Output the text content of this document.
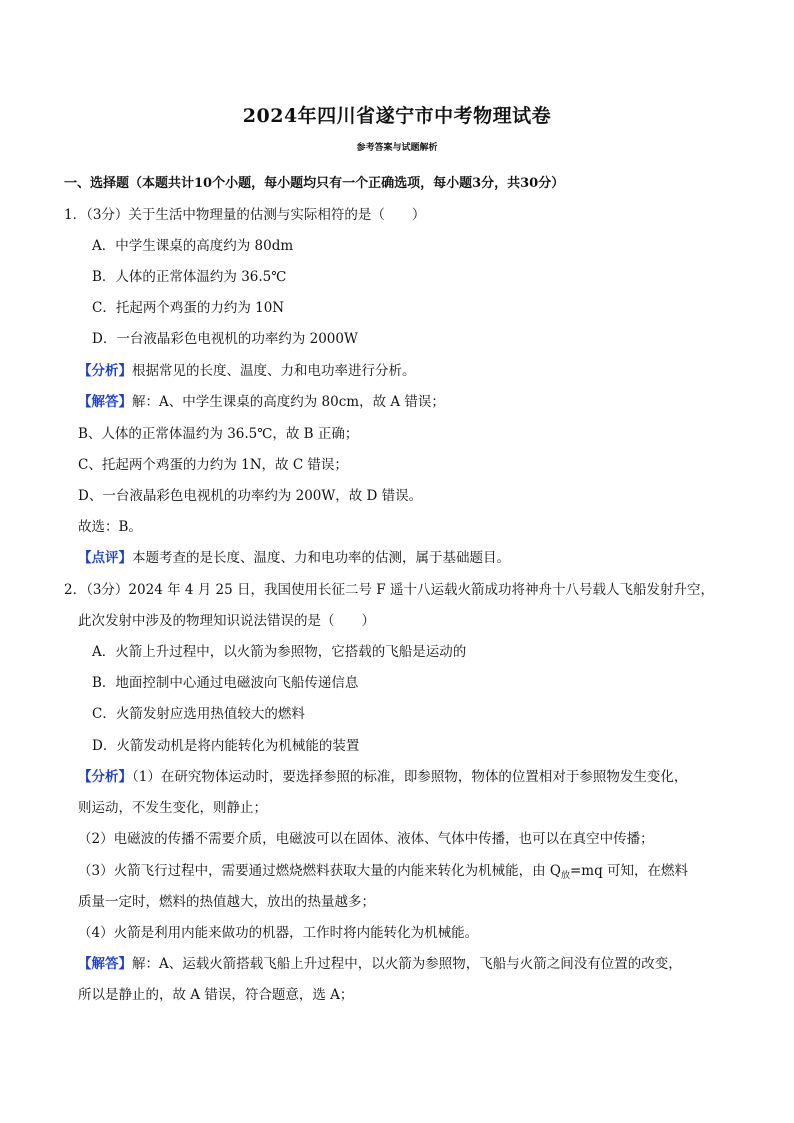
2024年四川省遂宁市中考物理试卷
参考答案与试题解析
一、选择题（本题共计10个小题，每小题均只有一个正确选项，每小题3分，共30分）
1．（3分）关于生活中物理量的估测与实际相符的是（　　）
A．中学生课桌的高度约为 80dm
B．人体的正常体温约为 36.5℃
C．托起两个鸡蛋的力约为 10N
D．一台液晶彩色电视机的功率约为 2000W
【分析】根据常见的长度、温度、力和电功率进行分析。
【解答】解：A、中学生课桌的高度约为 80cm，故 A 错误；
B、人体的正常体温约为 36.5℃，故 B 正确；
C、托起两个鸡蛋的力约为 1N，故 C 错误；
D、一台液晶彩色电视机的功率约为 200W，故 D 错误。
故选：B。
【点评】本题考查的是长度、温度、力和电功率的估测，属于基础题目。
2．（3分）2024 年 4 月 25 日，我国使用长征二号 F 遥十八运载火箭成功将神舟十八号载人飞船发射升空，
此次发射中涉及的物理知识说法错误的是（　　）
A．火箭上升过程中，以火箭为参照物，它搭载的飞船是运动的
B．地面控制中心通过电磁波向飞船传递信息
C．火箭发射应选用热值较大的燃料
D．火箭发动机是将内能转化为机械能的装置
【分析】（1）在研究物体运动时，要选择参照的标准，即参照物，物体的位置相对于参照物发生变化，
则运动，不发生变化，则静止；
（2）电磁波的传播不需要介质，电磁波可以在固体、液体、气体中传播，也可以在真空中传播；
（3）火箭飞行过程中，需要通过燃烧燃料获取大量的内能来转化为机械能，由 $Q_放=mq$ 可知，在燃料
质量一定时，燃料的热值越大，放出的热量越多；
（4）火箭是利用内能来做功的机器，工作时将内能转化为机械能。
【解答】解：A、运载火箭搭载飞船上升过程中，以火箭为参照物，飞船与火箭之间没有位置的改变，
所以是静止的，故 A 错误，符合题意，选 A；
